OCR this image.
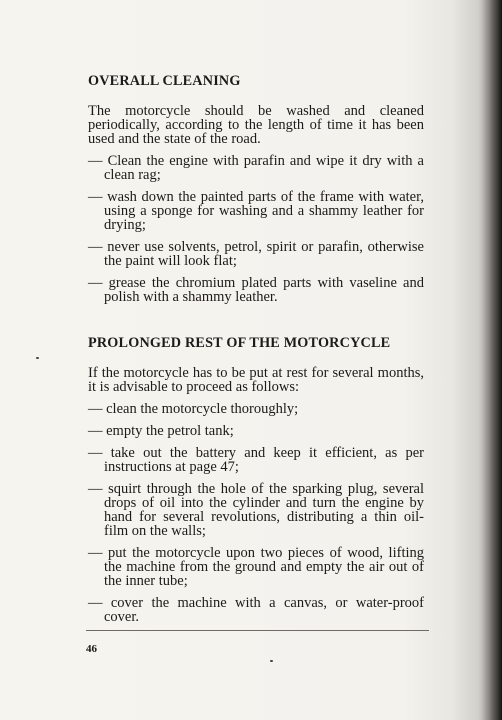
OVERALL CLEANING

The motorcycle should be washed and cleaned periodically, according to the length of time it has been used and the state of the road.

— Clean the engine with parafin and wipe it dry with a clean rag;
— wash down the painted parts of the frame with water, using a sponge for washing and a shammy leather for drying;
— never use solvents, petrol, spirit or parafin, otherwise the paint will look flat;
— grease the chromium plated parts with vaseline and polish with a shammy leather.
PROLONGED REST OF THE MOTORCYCLE

If the motorcycle has to be put at rest for several months, it is advisable to proceed as follows:

— clean the motorcycle thoroughly;
— empty the petrol tank;
— take out the battery and keep it efficient, as per instructions at page 47;
— squirt through the hole of the sparking plug, several drops of oil into the cylinder and turn the engine by hand for several revolutions, distributing a thin oil-film on the walls;
— put the motorcycle upon two pieces of wood, lifting the machine from the ground and empty the air out of the inner tube;
— cover the machine with a canvas, or water-proof cover.
46
